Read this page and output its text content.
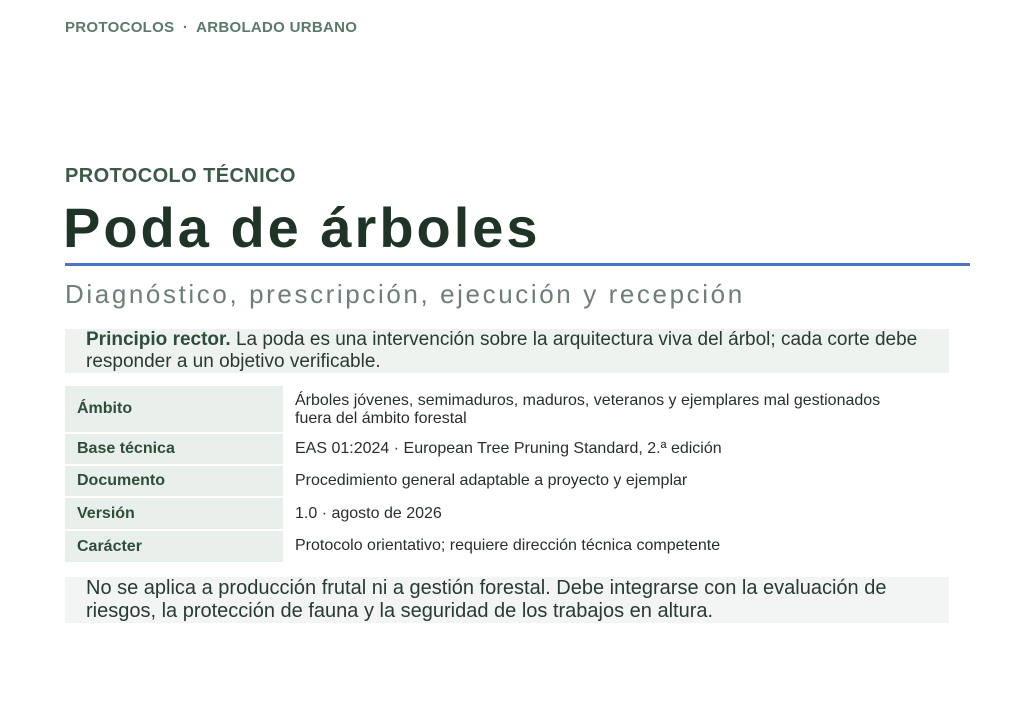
PROTOCOLOS · ARBOLADO URBANO
PROTOCOLO TÉCNICO
Poda de árboles
Diagnóstico, prescripción, ejecución y recepción
Principio rector. La poda es una intervención sobre la arquitectura viva del árbol; cada corte debe responder a un objetivo verificable.
Ámbito	Árboles jóvenes, semimaduros, maduros, veteranos y ejemplares mal gestionados fuera del ámbito forestal
Base técnica	EAS 01:2024 · European Tree Pruning Standard, 2.ª edición
Documento	Procedimiento general adaptable a proyecto y ejemplar
Versión	1.0 · agosto de 2026
Carácter	Protocolo orientativo; requiere dirección técnica competente
No se aplica a producción frutal ni a gestión forestal. Debe integrarse con la evaluación de riesgos, la protección de fauna y la seguridad de los trabajos en altura.
